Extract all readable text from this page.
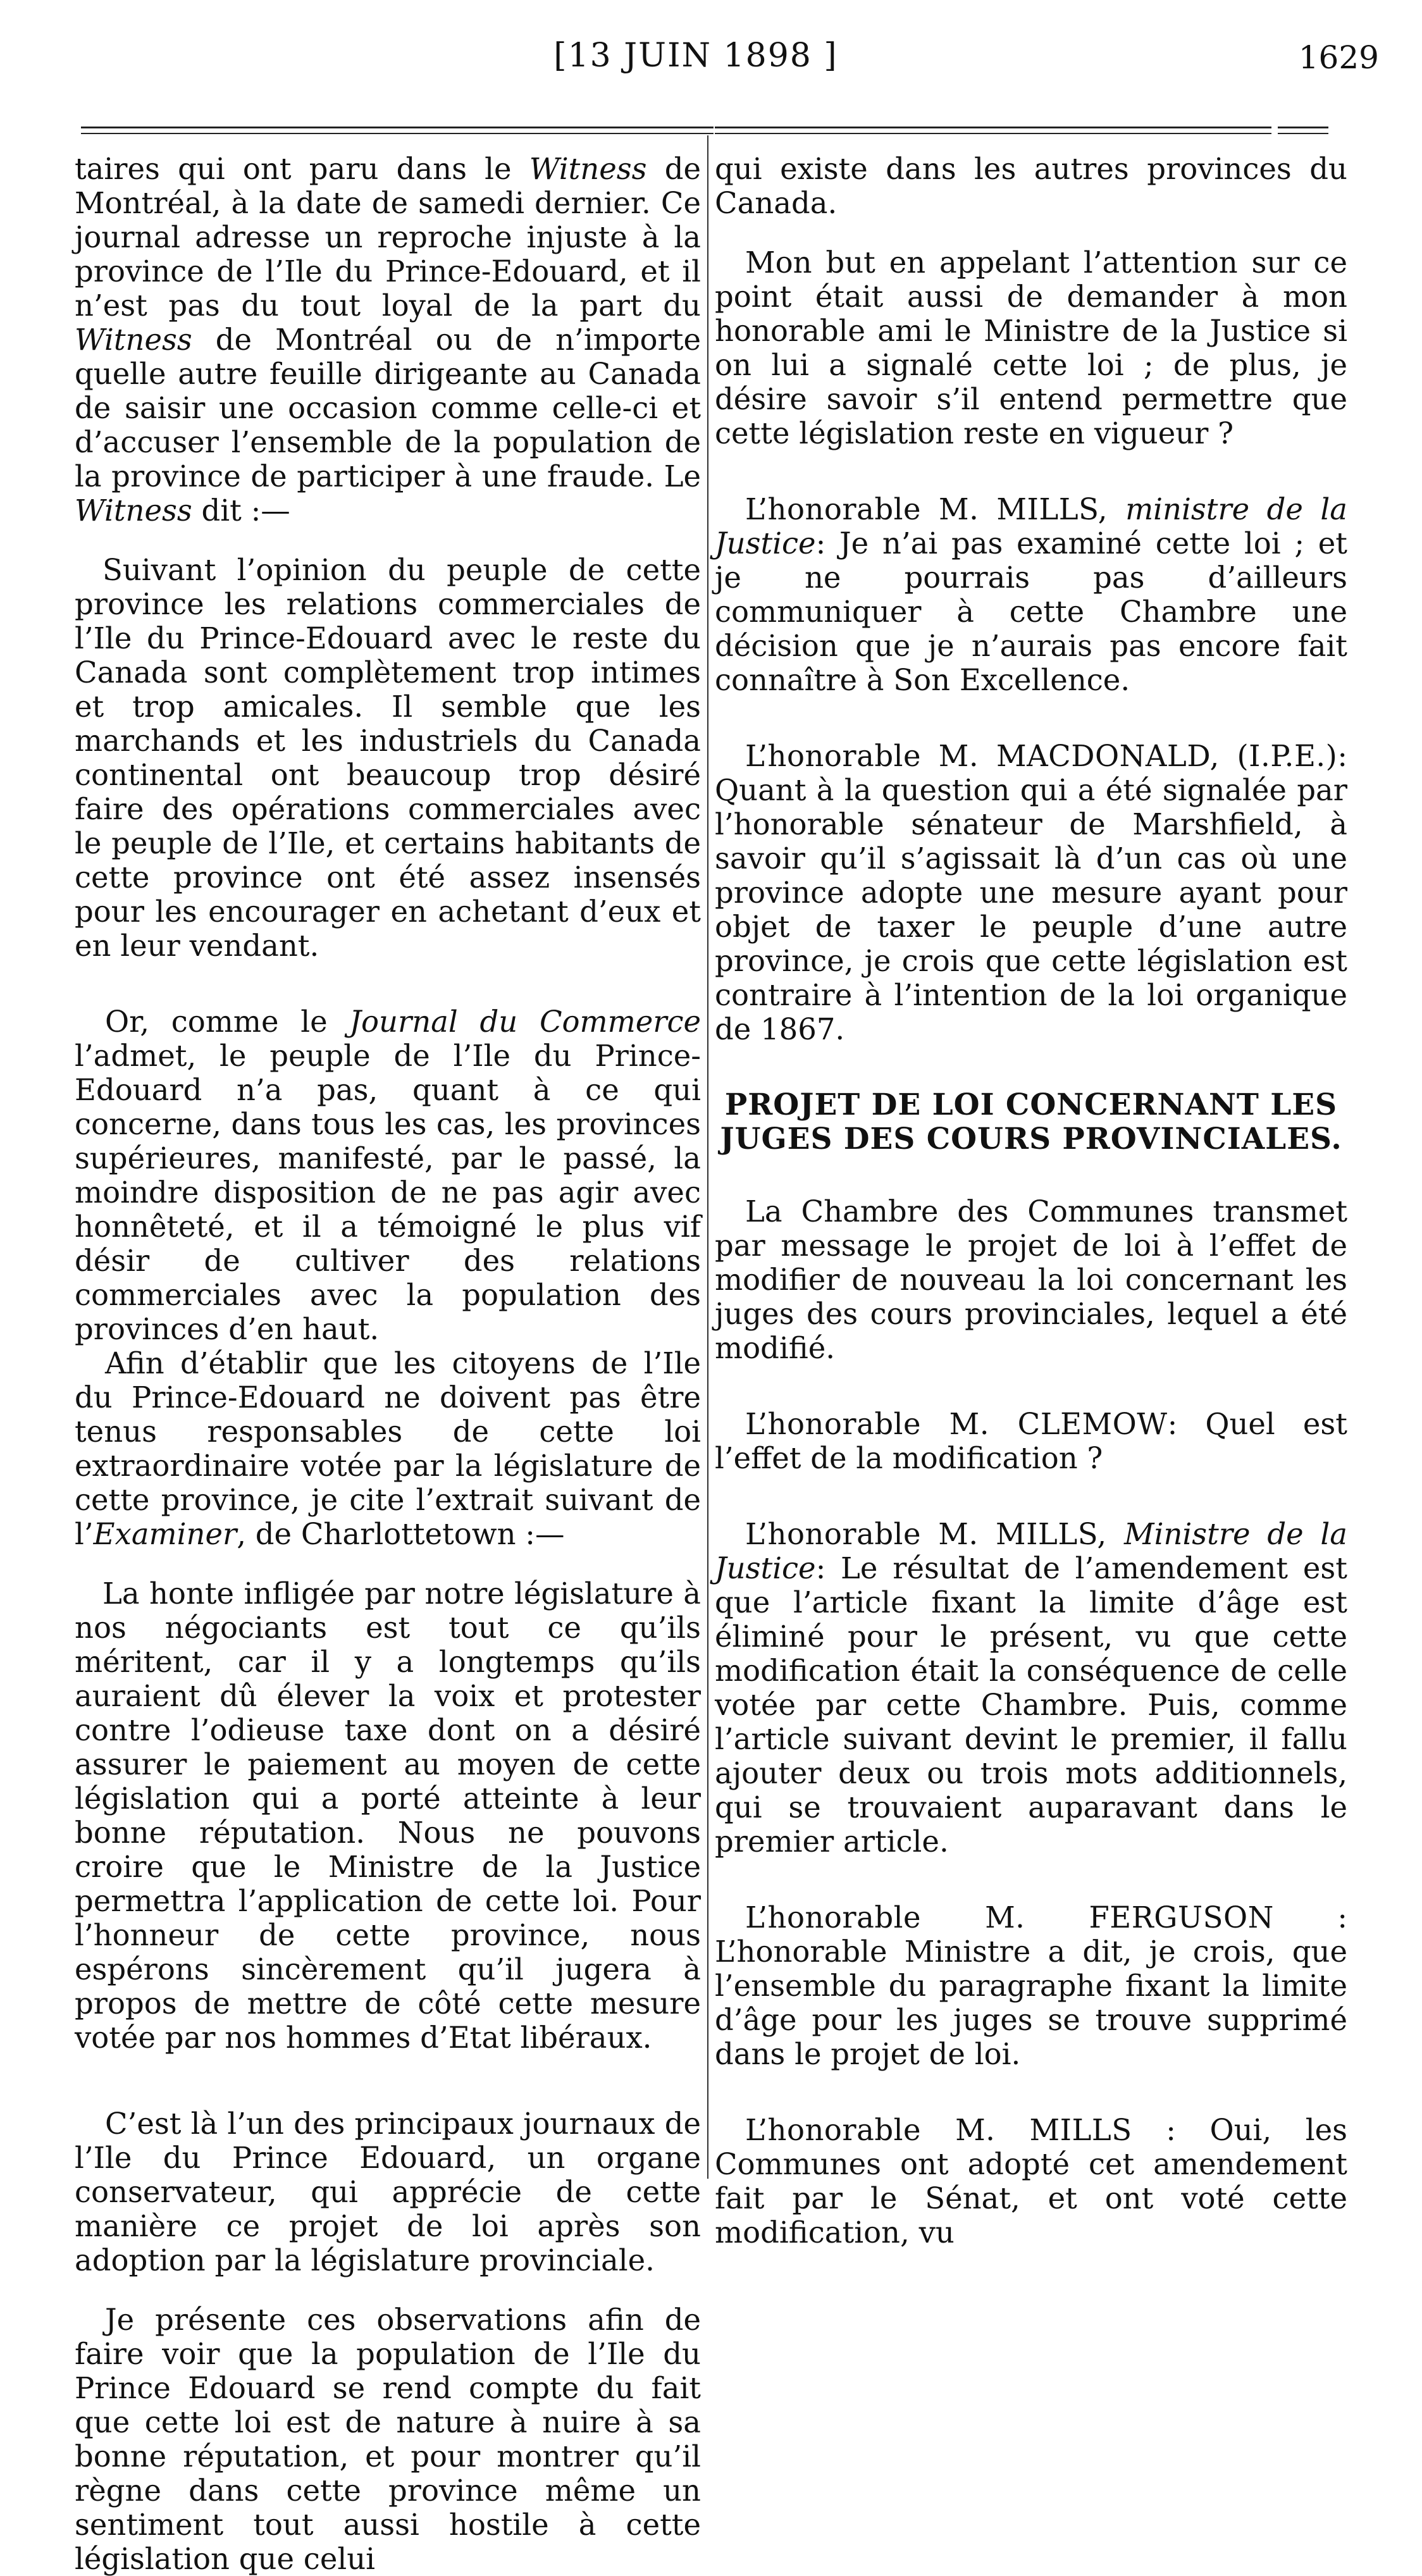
[13 JUIN 1898 ]	1629

taires qui ont paru dans le Witness de Montréal, à la date de samedi dernier. Ce journal adresse un reproche injuste à la province de l’Ile du Prince-Edouard, et il n’est pas du tout loyal de la part du Witness de Montréal ou de n’importe quelle autre feuille dirigeante au Canada de saisir une occasion comme celle-ci et d’accuser l’ensemble de la population de la province de participer à une fraude. Le Witness dit :—

Suivant l’opinion du peuple de cette province les relations commerciales de l’Ile du Prince-Edouard avec le reste du Canada sont complètement trop intimes et trop amicales. Il semble que les marchands et les industriels du Canada continental ont beaucoup trop désiré faire des opérations commerciales avec le peuple de l’Ile, et certains habitants de cette province ont été assez insensés pour les encourager en achetant d’eux et en leur vendant.

Or, comme le Journal du Commerce l’admet, le peuple de l’Ile du Prince-Edouard n’a pas, quant à ce qui concerne, dans tous les cas, les provinces supérieures, manifesté, par le passé, la moindre disposition de ne pas agir avec honnêteté, et il a témoigné le plus vif désir de cultiver des relations commerciales avec la population des provinces d’en haut.

Afin d’établir que les citoyens de l’Ile du Prince-Edouard ne doivent pas être tenus responsables de cette loi extraordinaire votée par la législature de cette province, je cite l’extrait suivant de l’Examiner, de Charlottetown :—

La honte infligée par notre législature à nos négociants est tout ce qu’ils méritent, car il y a longtemps qu’ils auraient dû élever la voix et protester contre l’odieuse taxe dont on a désiré assurer le paiement au moyen de cette législation qui a porté atteinte à leur bonne réputation. Nous ne pouvons croire que le Ministre de la Justice permettra l’application de cette loi. Pour l’honneur de cette province, nous espérons sincèrement qu’il jugera à propos de mettre de côté cette mesure votée par nos hommes d’Etat libéraux.

C’est là l’un des principaux journaux de l’Ile du Prince Edouard, un organe conservateur, qui apprécie de cette manière ce projet de loi après son adoption par la législature provinciale.

Je présente ces observations afin de faire voir que la population de l’Ile du Prince Edouard se rend compte du fait que cette loi est de nature à nuire à sa bonne réputation, et pour montrer qu’il règne dans cette province même un sentiment tout aussi hostile à cette législation que celui

qui existe dans les autres provinces du Canada.

Mon but en appelant l’attention sur ce point était aussi de demander à mon honorable ami le Ministre de la Justice si on lui a signalé cette loi ; de plus, je désire savoir s’il entend permettre que cette législation reste en vigueur ?

L’honorable M. MILLS, ministre de la Justice: Je n’ai pas examiné cette loi ; et je ne pourrais pas d’ailleurs communiquer à cette Chambre une décision que je n’aurais pas encore fait connaître à Son Excellence.

L’honorable M. MACDONALD, (I.P.E.): Quant à la question qui a été signalée par l’honorable sénateur de Marshfield, à savoir qu’il s’agissait là d’un cas où une province adopte une mesure ayant pour objet de taxer le peuple d’une autre province, je crois que cette législation est contraire à l’intention de la loi organique de 1867.

PROJET DE LOI CONCERNANT LES JUGES DES COURS PROVINCIALES.

La Chambre des Communes transmet par message le projet de loi à l’effet de modifier de nouveau la loi concernant les juges des cours provinciales, lequel a été modifié.

L’honorable M. CLEMOW: Quel est l’effet de la modification ?

L’honorable M. MILLS, Ministre de la Justice: Le résultat de l’amendement est que l’article fixant la limite d’âge est éliminé pour le présent, vu que cette modification était la conséquence de celle votée par cette Chambre. Puis, comme l’article suivant devint le premier, il fallu ajouter deux ou trois mots additionnels, qui se trouvaient auparavant dans le premier article.

L’honorable M. FERGUSON : L’honorable Ministre a dit, je crois, que l’ensemble du paragraphe fixant la limite d’âge pour les juges se trouve supprimé dans le projet de loi.

L’honorable M. MILLS : Oui, les Communes ont adopté cet amendement fait par le Sénat, et ont voté cette modification, vu
